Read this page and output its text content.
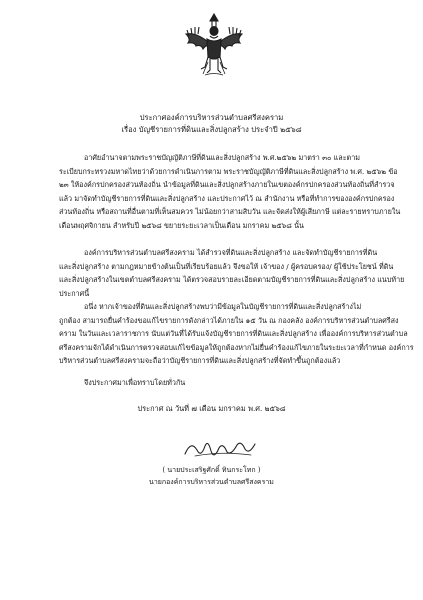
ประกาศองค์การบริหารส่วนตำบลศรีสงคราม
เรื่อง บัญชีรายการที่ดินและสิ่งปลูกสร้าง ประจำปี ๒๕๖๘
อาศัยอำนาจตามพระราชบัญญัติภาษีที่ดินและสิ่งปลูกสร้าง พ.ศ.๒๕๖๒ มาตรา ๓๐ และตาม
ระเบียบกระทรวงมหาดไทยว่าด้วยการดำเนินการตาม พระราชบัญญัติภาษีที่ดินและสิ่งปลูกสร้าง พ.ศ. ๒๕๖๒ ข้อ
๒๓ ให้องค์กรปกครองส่วนท้องถิ่น นำข้อมูลที่ดินและสิ่งปลูกสร้างภายในเขตองค์กรปกครองส่วนท้องถิ่นที่สำรวจ
แล้ว มาจัดทำบัญชีรายการที่ดินและสิ่งปลูกสร้าง และประกาศไว้ ณ สำนักงาน หรือที่ทำการขององค์กรปกครอง
ส่วนท้องถิ่น หรือสถานที่อื่นตามที่เห็นสมควร ไม่น้อยกว่าสามสิบวัน และจัดส่งให้ผู้เสียภาษี แต่ละรายทราบภายใน
เดือนพฤศจิกายน สำหรับปี ๒๕๖๘ ขยายระยะเวลาเป็นเดือน มกราคม ๒๕๖๘ นั้น
องค์การบริหารส่วนตำบลศรีสงคราม ได้สำรวจที่ดินและสิ่งปลูกสร้าง และจัดทำบัญชีรายการที่ดิน
และสิ่งปลูกสร้าง ตามกฎหมายข้างต้นเป็นที่เรียบร้อยแล้ว จึงขอให้ เจ้าของ / ผู้ครอบครอง/ ผู้ใช้ประโยชน์ ที่ดิน
และสิ่งปลูกสร้างในเขตตำบลศรีสงคราม ได้ตรวจสอบรายละเอียดตามบัญชีรายการที่ดินและสิ่งปลูกสร้าง แนบท้าย
ประกาศนี้
อนึ่ง หากเจ้าของที่ดินและสิ่งปลูกสร้างพบว่ามีข้อมูลในบัญชีรายการที่ดินและสิ่งปลูกสร้างไม่
ถูกต้อง สามารถยื่นคำร้องขอแก้ไขรายการดังกล่าวได้ภายใน ๑๕ วัน ณ กองคลัง องค์การบริหารส่วนตำบลศรีสง
คราม ในวันและเวลาราชการ นับแต่วันที่ได้รับแจ้งบัญชีรายการที่ดินและสิ่งปลูกสร้าง เพื่อองค์การบริหารส่วนตำบล
ศรีสงครามจักได้ดำเนินการตรวจสอบแก้ไขข้อมูลให้ถูกต้องหากไม่ยื่นคำร้องแก้ไขภายในระยะเวลาที่กำหนด องค์การ
บริหารส่วนตำบลศรีสงครามจะถือว่าบัญชีรายการที่ดินและสิ่งปลูกสร้างที่จัดทำขึ้นถูกต้องแล้ว
จึงประกาศมาเพื่อทราบโดยทั่วกัน
ประกาศ ณ วันที่ ๗ เดือน มกราคม พ.ศ. ๒๕๖๘
( นายประเสริฐศักดิ์ ทินกระโทก )
นายกองค์การบริหารส่วนตำบลศรีสงคราม
